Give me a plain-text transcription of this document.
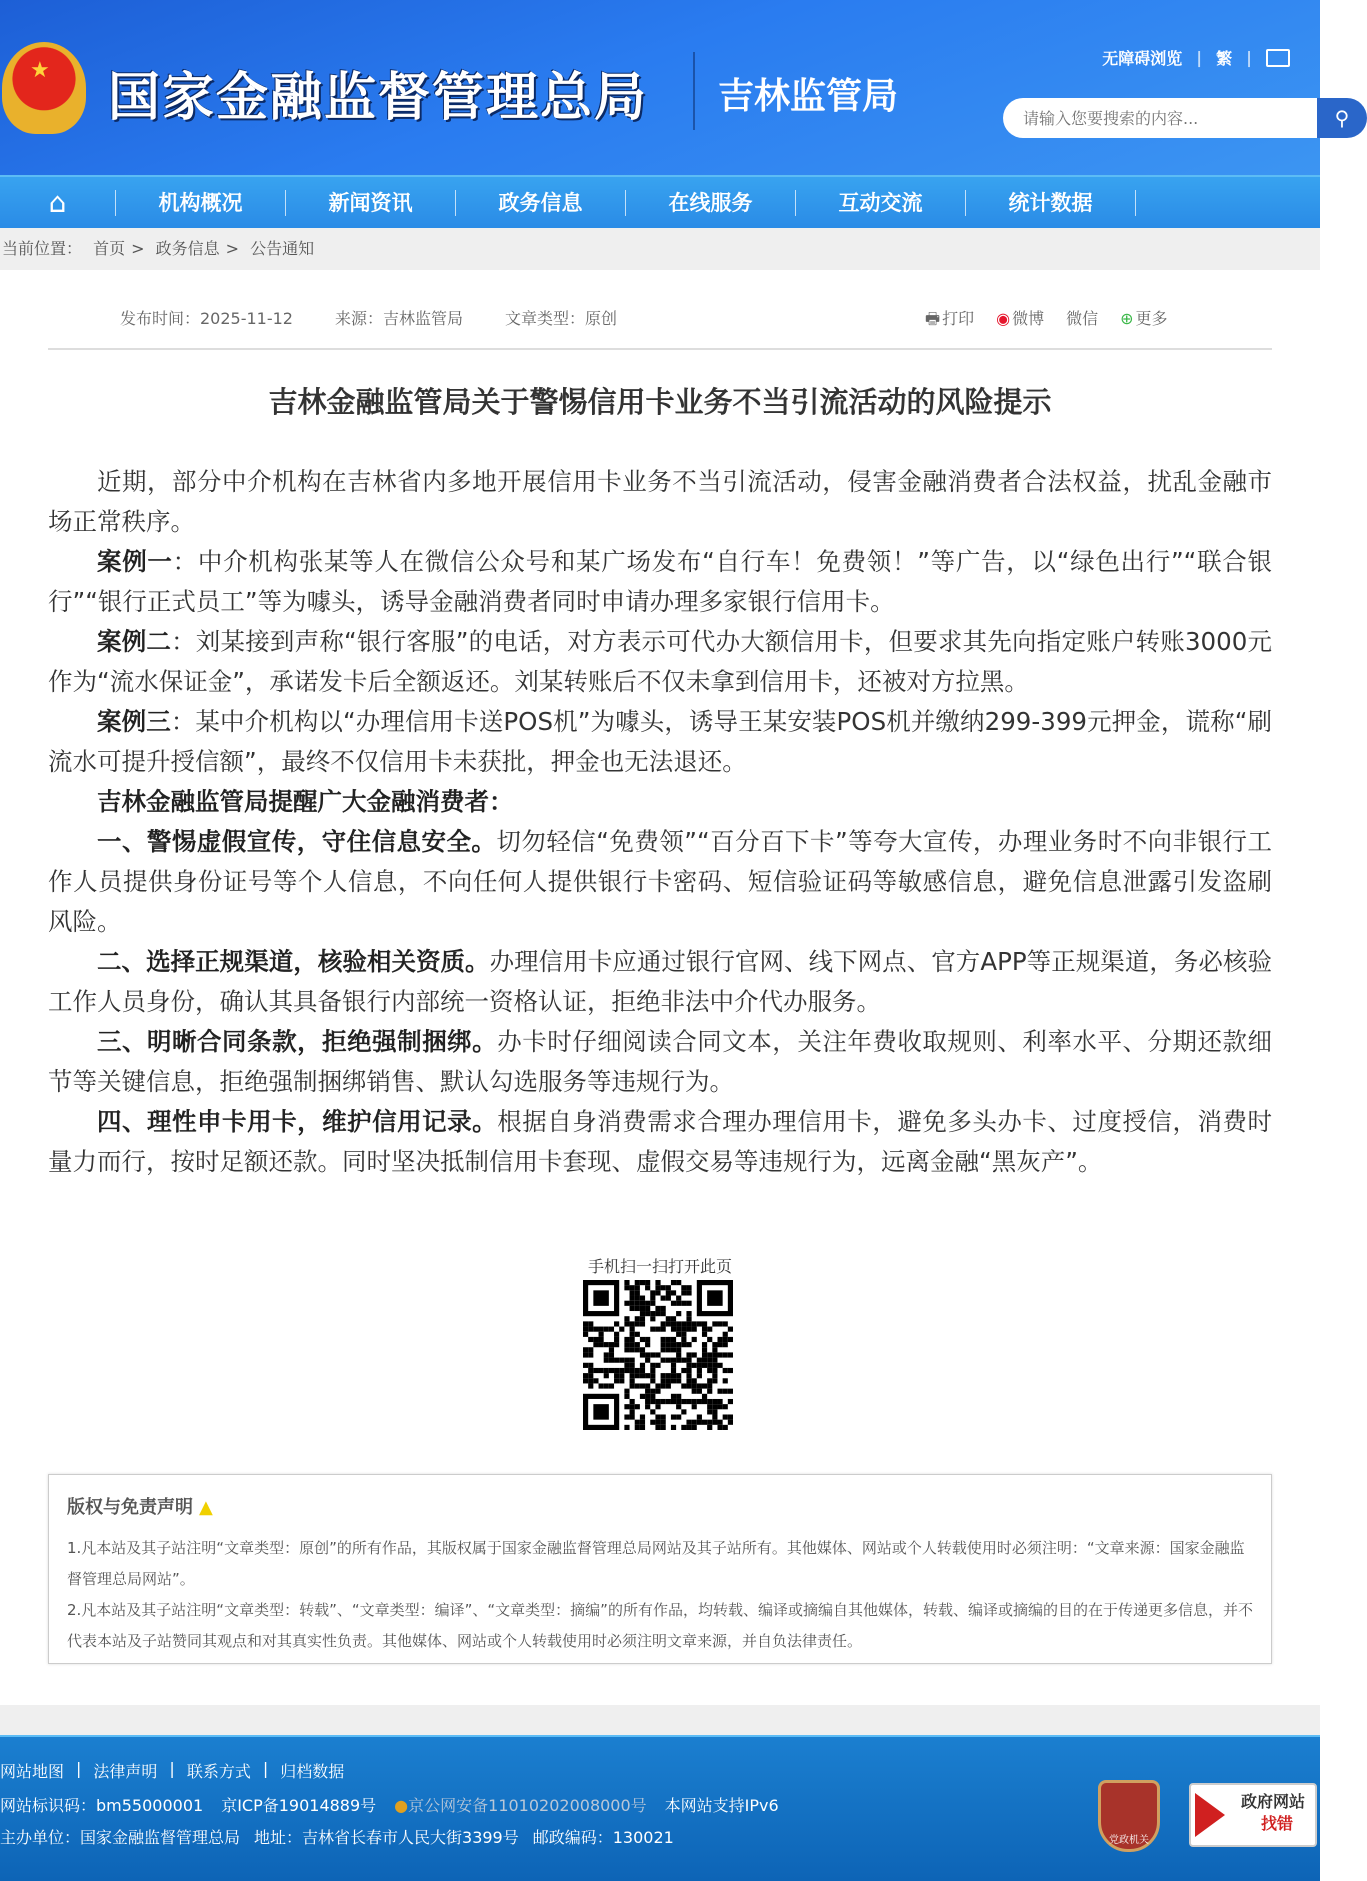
★ 国家金融监督管理总局 吉林监管局
无障碍浏览 | 繁 |
请输入您要搜索的内容...
⚲
⌂	机构概况	新闻资讯	政务信息	在线服务	互动交流	统计数据
当前位置： 首页 > 政务信息 > 公告通知
发布时间：2025-11-12	来源：吉林监管局	文章类型：原创	🖶 打印 ◉ 微博 微信 ⊕ 更多
吉林金融监管局关于警惕信用卡业务不当引流活动的风险提示

近期，部分中介机构在吉林省内多地开展信用卡业务不当引流活动，侵害金融消费者合法权益，扰乱金融市场正常秩序。

案例一：中介机构张某等人在微信公众号和某广场发布“自行车！免费领！”等广告，以“绿色出行”“联合银行”“银行正式员工”等为噱头，诱导金融消费者同时申请办理多家银行信用卡。

案例二：刘某接到声称“银行客服”的电话，对方表示可代办大额信用卡，但要求其先向指定账户转账3000元作为“流水保证金”，承诺发卡后全额返还。刘某转账后不仅未拿到信用卡，还被对方拉黑。

案例三：某中介机构以“办理信用卡送POS机”为噱头，诱导王某安装POS机并缴纳299-399元押金，谎称“刷流水可提升授信额”，最终不仅信用卡未获批，押金也无法退还。

吉林金融监管局提醒广大金融消费者：

一、警惕虚假宣传，守住信息安全。切勿轻信“免费领”“百分百下卡”等夸大宣传，办理业务时不向非银行工作人员提供身份证号等个人信息，不向任何人提供银行卡密码、短信验证码等敏感信息，避免信息泄露引发盗刷风险。

二、选择正规渠道，核验相关资质。办理信用卡应通过银行官网、线下网点、官方APP等正规渠道，务必核验工作人员身份，确认其具备银行内部统一资格认证，拒绝非法中介代办服务。

三、明晰合同条款，拒绝强制捆绑。办卡时仔细阅读合同文本，关注年费收取规则、利率水平、分期还款细节等关键信息，拒绝强制捆绑销售、默认勾选服务等违规行为。

四、理性申卡用卡，维护信用记录。根据自身消费需求合理办理信用卡，避免多头办卡、过度授信，消费时量力而行，按时足额还款。同时坚决抵制信用卡套现、虚假交易等违规行为，远离金融“黑灰产”。

手机扫一扫打开此页
版权与免责声明 ▲

1.凡本站及其子站注明“文章类型：原创”的所有作品，其版权属于国家金融监督管理总局网站及其子站所有。其他媒体、网站或个人转载使用时必须注明：“文章来源：国家金融监督管理总局网站”。

2.凡本站及其子站注明“文章类型：转载”、“文章类型：编译”、“文章类型：摘编”的所有作品，均转载、编译或摘编自其他媒体，转载、编译或摘编的目的在于传递更多信息，并不代表本站及子站赞同其观点和对其真实性负责。其他媒体、网站或个人转载使用时必须注明文章来源，并自负法律责任。

网站地图 | 法律声明 | 联系方式 | 归档数据
网站标识码：bm55000001 京ICP备19014889号 ●京公网安备11010202008000号 本网站支持IPv6
主办单位：国家金融监督管理总局 地址：吉林省长春市人民大街3399号 邮政编码：130021	党政机关
政府网站
找错
